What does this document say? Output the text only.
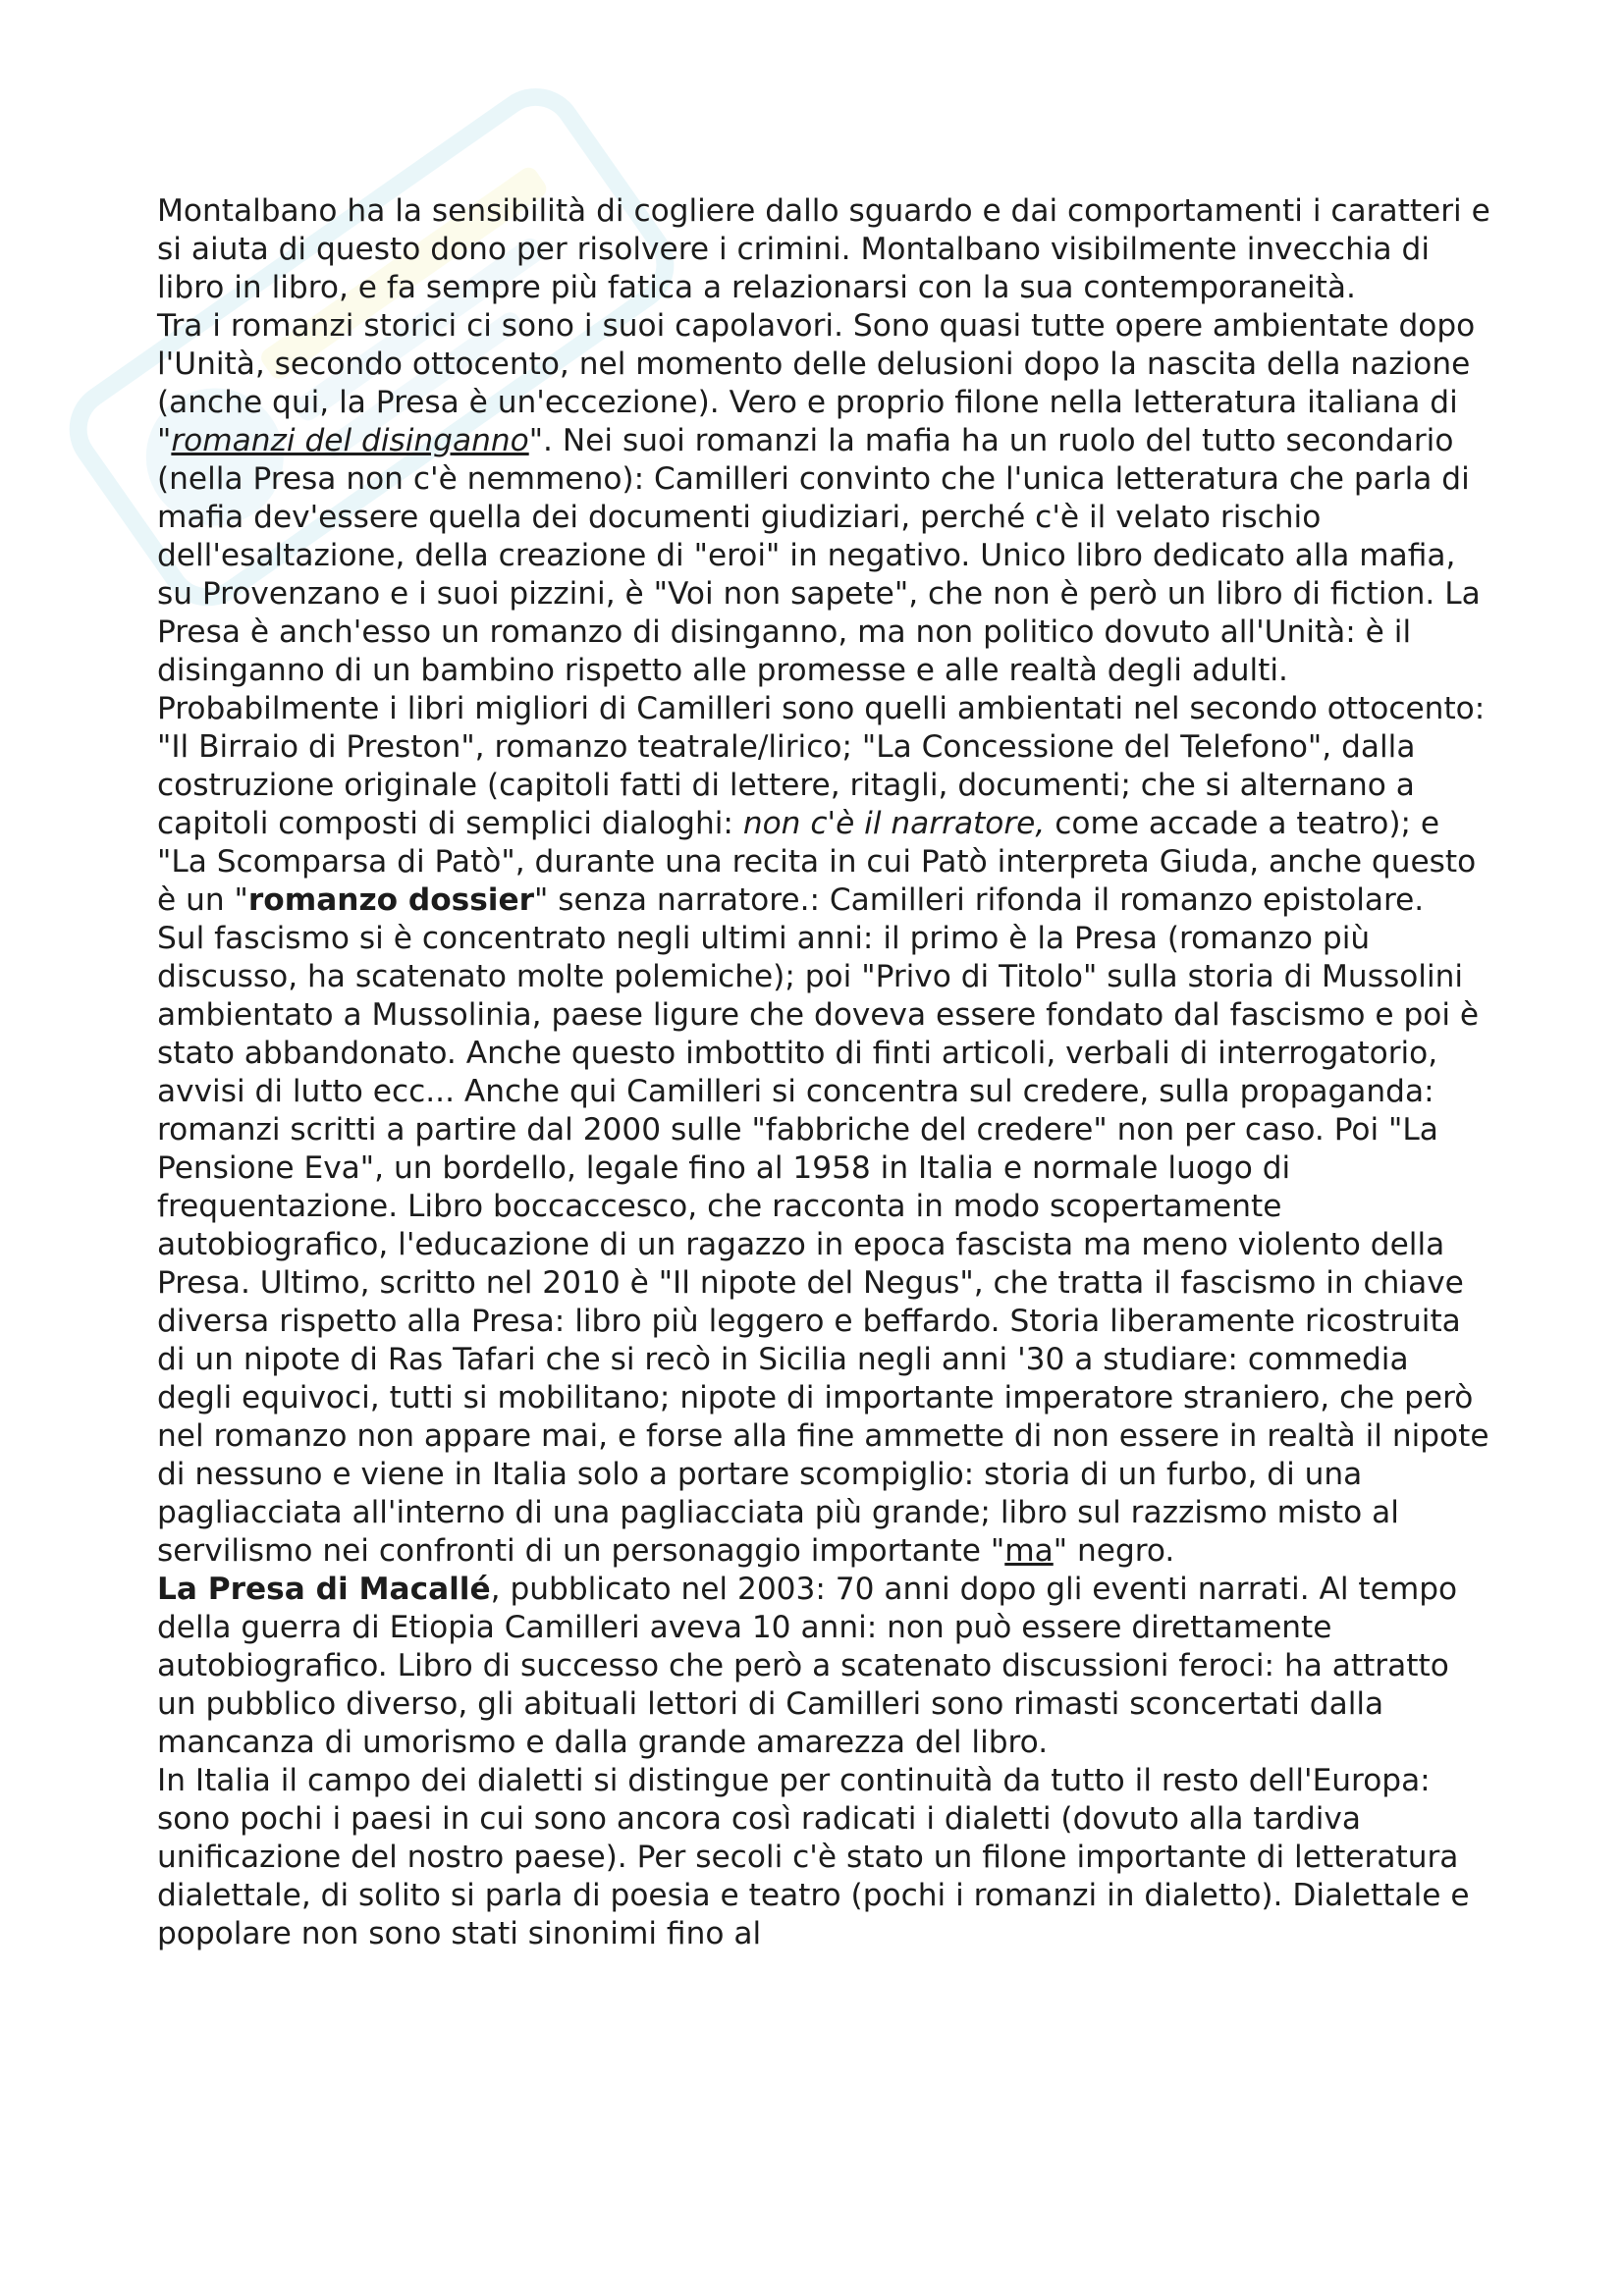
Montalbano ha la sensibilità di cogliere dallo sguardo e dai comportamenti i caratteri e si aiuta di questo dono per risolvere i crimini. Montalbano visibilmente invecchia di libro in libro, e fa sempre più fatica a relazionarsi con la sua contemporaneità.

Tra i romanzi storici ci sono i suoi capolavori. Sono quasi tutte opere ambientate dopo l'Unità, secondo ottocento, nel momento delle delusioni dopo la nascita della nazione (anche qui, la Presa è un'eccezione). Vero e proprio filone nella letteratura italiana di "romanzi del disinganno". Nei suoi romanzi la mafia ha un ruolo del tutto secondario (nella Presa non c'è nemmeno): Camilleri convinto che l'unica letteratura che parla di mafia dev'essere quella dei documenti giudiziari, perché c'è il velato rischio dell'esaltazione, della creazione di "eroi" in negativo. Unico libro dedicato alla mafia, su Provenzano e i suoi pizzini, è "Voi non sapete", che non è però un libro di fiction. La Presa è anch'esso un romanzo di disinganno, ma non politico dovuto all'Unità: è il disinganno di un bambino rispetto alle promesse e alle realtà degli adulti.

Probabilmente i libri migliori di Camilleri sono quelli ambientati nel secondo ottocento: "Il Birraio di Preston", romanzo teatrale/lirico; "La Concessione del Telefono", dalla costruzione originale (capitoli fatti di lettere, ritagli, documenti; che si alternano a capitoli composti di semplici dialoghi: non c'è il narratore, come accade a teatro); e "La Scomparsa di Patò", durante una recita in cui Patò interpreta Giuda, anche questo è un "romanzo dossier" senza narratore.: Camilleri rifonda il romanzo epistolare.

Sul fascismo si è concentrato negli ultimi anni: il primo è la Presa (romanzo più discusso, ha scatenato molte polemiche); poi "Privo di Titolo" sulla storia di Mussolini ambientato a Mussolinia, paese ligure che doveva essere fondato dal fascismo e poi è stato abbandonato. Anche questo imbottito di finti articoli, verbali di interrogatorio, avvisi di lutto ecc... Anche qui Camilleri si concentra sul credere, sulla propaganda: romanzi scritti a partire dal 2000 sulle "fabbriche del credere" non per caso. Poi "La Pensione Eva", un bordello, legale fino al 1958 in Italia e normale luogo di frequentazione. Libro boccaccesco, che racconta in modo scopertamente autobiografico, l'educazione di un ragazzo in epoca fascista ma meno violento della Presa. Ultimo, scritto nel 2010 è "Il nipote del Negus", che tratta il fascismo in chiave diversa rispetto alla Presa: libro più leggero e beffardo. Storia liberamente ricostruita di un nipote di Ras Tafari che si recò in Sicilia negli anni '30 a studiare: commedia degli equivoci, tutti si mobilitano; nipote di importante imperatore straniero, che però nel romanzo non appare mai, e forse alla fine ammette di non essere in realtà il nipote di nessuno e viene in Italia solo a portare scompiglio: storia di un furbo, di una pagliacciata all'interno di una pagliacciata più grande; libro sul razzismo misto al servilismo nei confronti di un personaggio importante "ma" negro.

La Presa di Macallé, pubblicato nel 2003: 70 anni dopo gli eventi narrati. Al tempo della guerra di Etiopia Camilleri aveva 10 anni: non può essere direttamente autobiografico. Libro di successo che però a scatenato discussioni feroci: ha attratto un pubblico diverso, gli abituali lettori di Camilleri sono rimasti sconcertati dalla mancanza di umorismo e dalla grande amarezza del libro.

In Italia il campo dei dialetti si distingue per continuità da tutto il resto dell'Europa: sono pochi i paesi in cui sono ancora così radicati i dialetti (dovuto alla tardiva unificazione del nostro paese). Per secoli c'è stato un filone importante di letteratura dialettale, di solito si parla di poesia e teatro (pochi i romanzi in dialetto). Dialettale e popolare non sono stati sinonimi fino al
